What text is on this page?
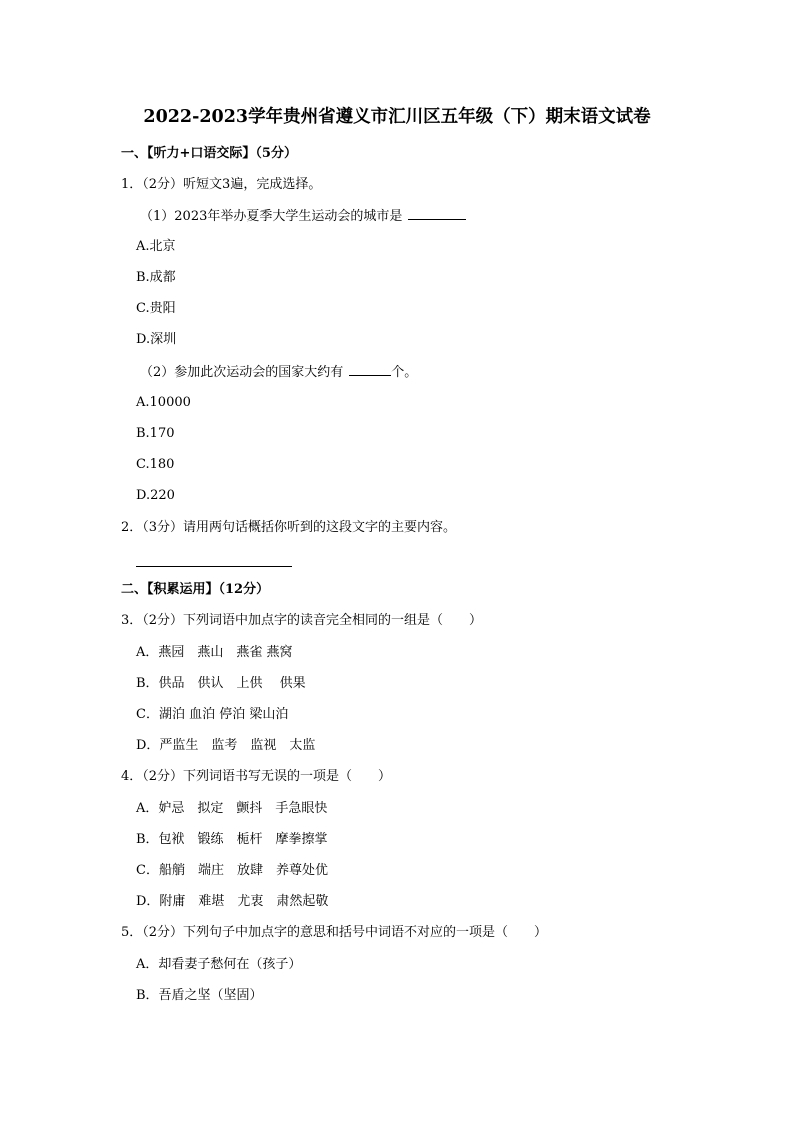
2022-2023学年贵州省遵义市汇川区五年级（下）期末语文试卷
一、【听力+口语交际】（5分）
1．（2分）听短文3遍，完成选择。
（1）2023年举办夏季大学生运动会的城市是
A.北京
B.成都
C.贵阳
D.深圳
（2）参加此次运动会的国家大约有	个。
A.10000
B.170
C.180
D.220
2．（3分）请用两句话概括你听到的这段文字的主要内容。
二、【积累运用】（12分）
3．（2分）下列词语中加点字的读音完全相同的一组是（　　）
A．燕园　燕山　燕雀 燕窝
B．供品　供认　上供　 供果
C．湖泊 血泊 停泊 梁山泊
D．严监生　监考　监视　太监
4．（2分）下列词语书写无误的一项是（　　）
A．妒忌　拟定　颤抖　手急眼快
B．包袱　锻练　栀杆　摩拳擦掌
C．船艄　端庄　放肆　养尊处优
D．附庸　难堪　尤衷　肃然起敬
5．（2分）下列句子中加点字的意思和括号中词语不对应的一项是（　　）
A．却看妻子愁何在（孩子）
B．吾盾之坚（坚固）
